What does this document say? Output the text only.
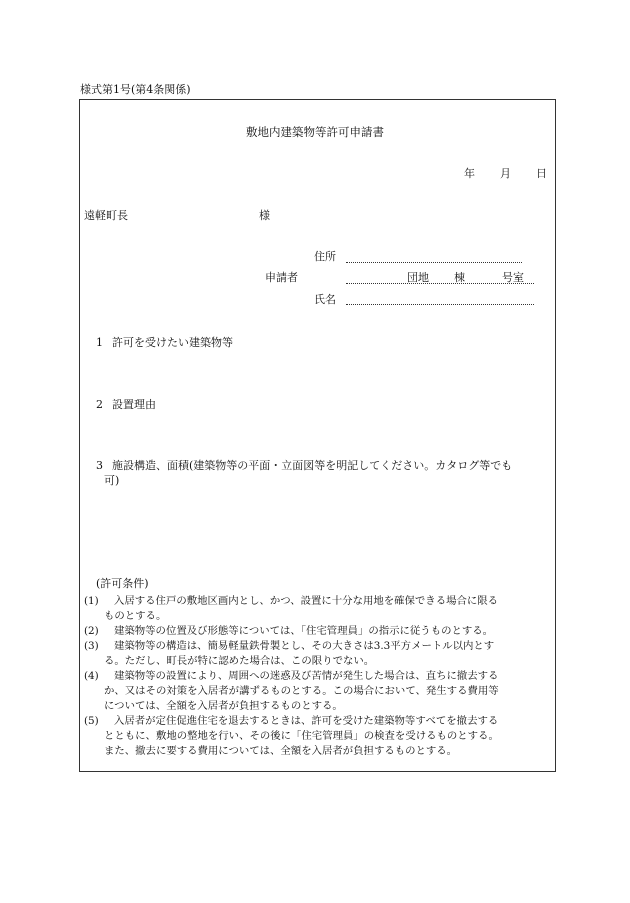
様式第1号(第4条関係)
敷地内建築物等許可申請書
年 月 日
遠軽町長	様
住所
申請者	団地 棟	号室
氏名
1 許可を受けたい建築物等
2 設置理由
3 施設構造、面積(建築物等の平面・立面図等を明記してください。カタログ等でも
可)
(許可条件)
(1) 入居する住戸の敷地区画内とし、かつ、設置に十分な用地を確保できる場合に限る
ものとする。
(2) 建築物等の位置及び形態等については、「住宅管理員」の指示に従うものとする。
(3) 建築物等の構造は、簡易軽量鉄骨製とし、その大きさは3.3平方メートル以内とす
る。ただし、町長が特に認めた場合は、この限りでない。
(4) 建築物等の設置により、周囲への迷惑及び苦情が発生した場合は、直ちに撤去する
か、又はその対策を入居者が講ずるものとする。この場合において、発生する費用等
については、全額を入居者が負担するものとする。
(5) 入居者が定住促進住宅を退去するときは、許可を受けた建築物等すべてを撤去する
とともに、敷地の整地を行い、その後に「住宅管理員」の検査を受けるものとする。
また、撤去に要する費用については、全額を入居者が負担するものとする。
